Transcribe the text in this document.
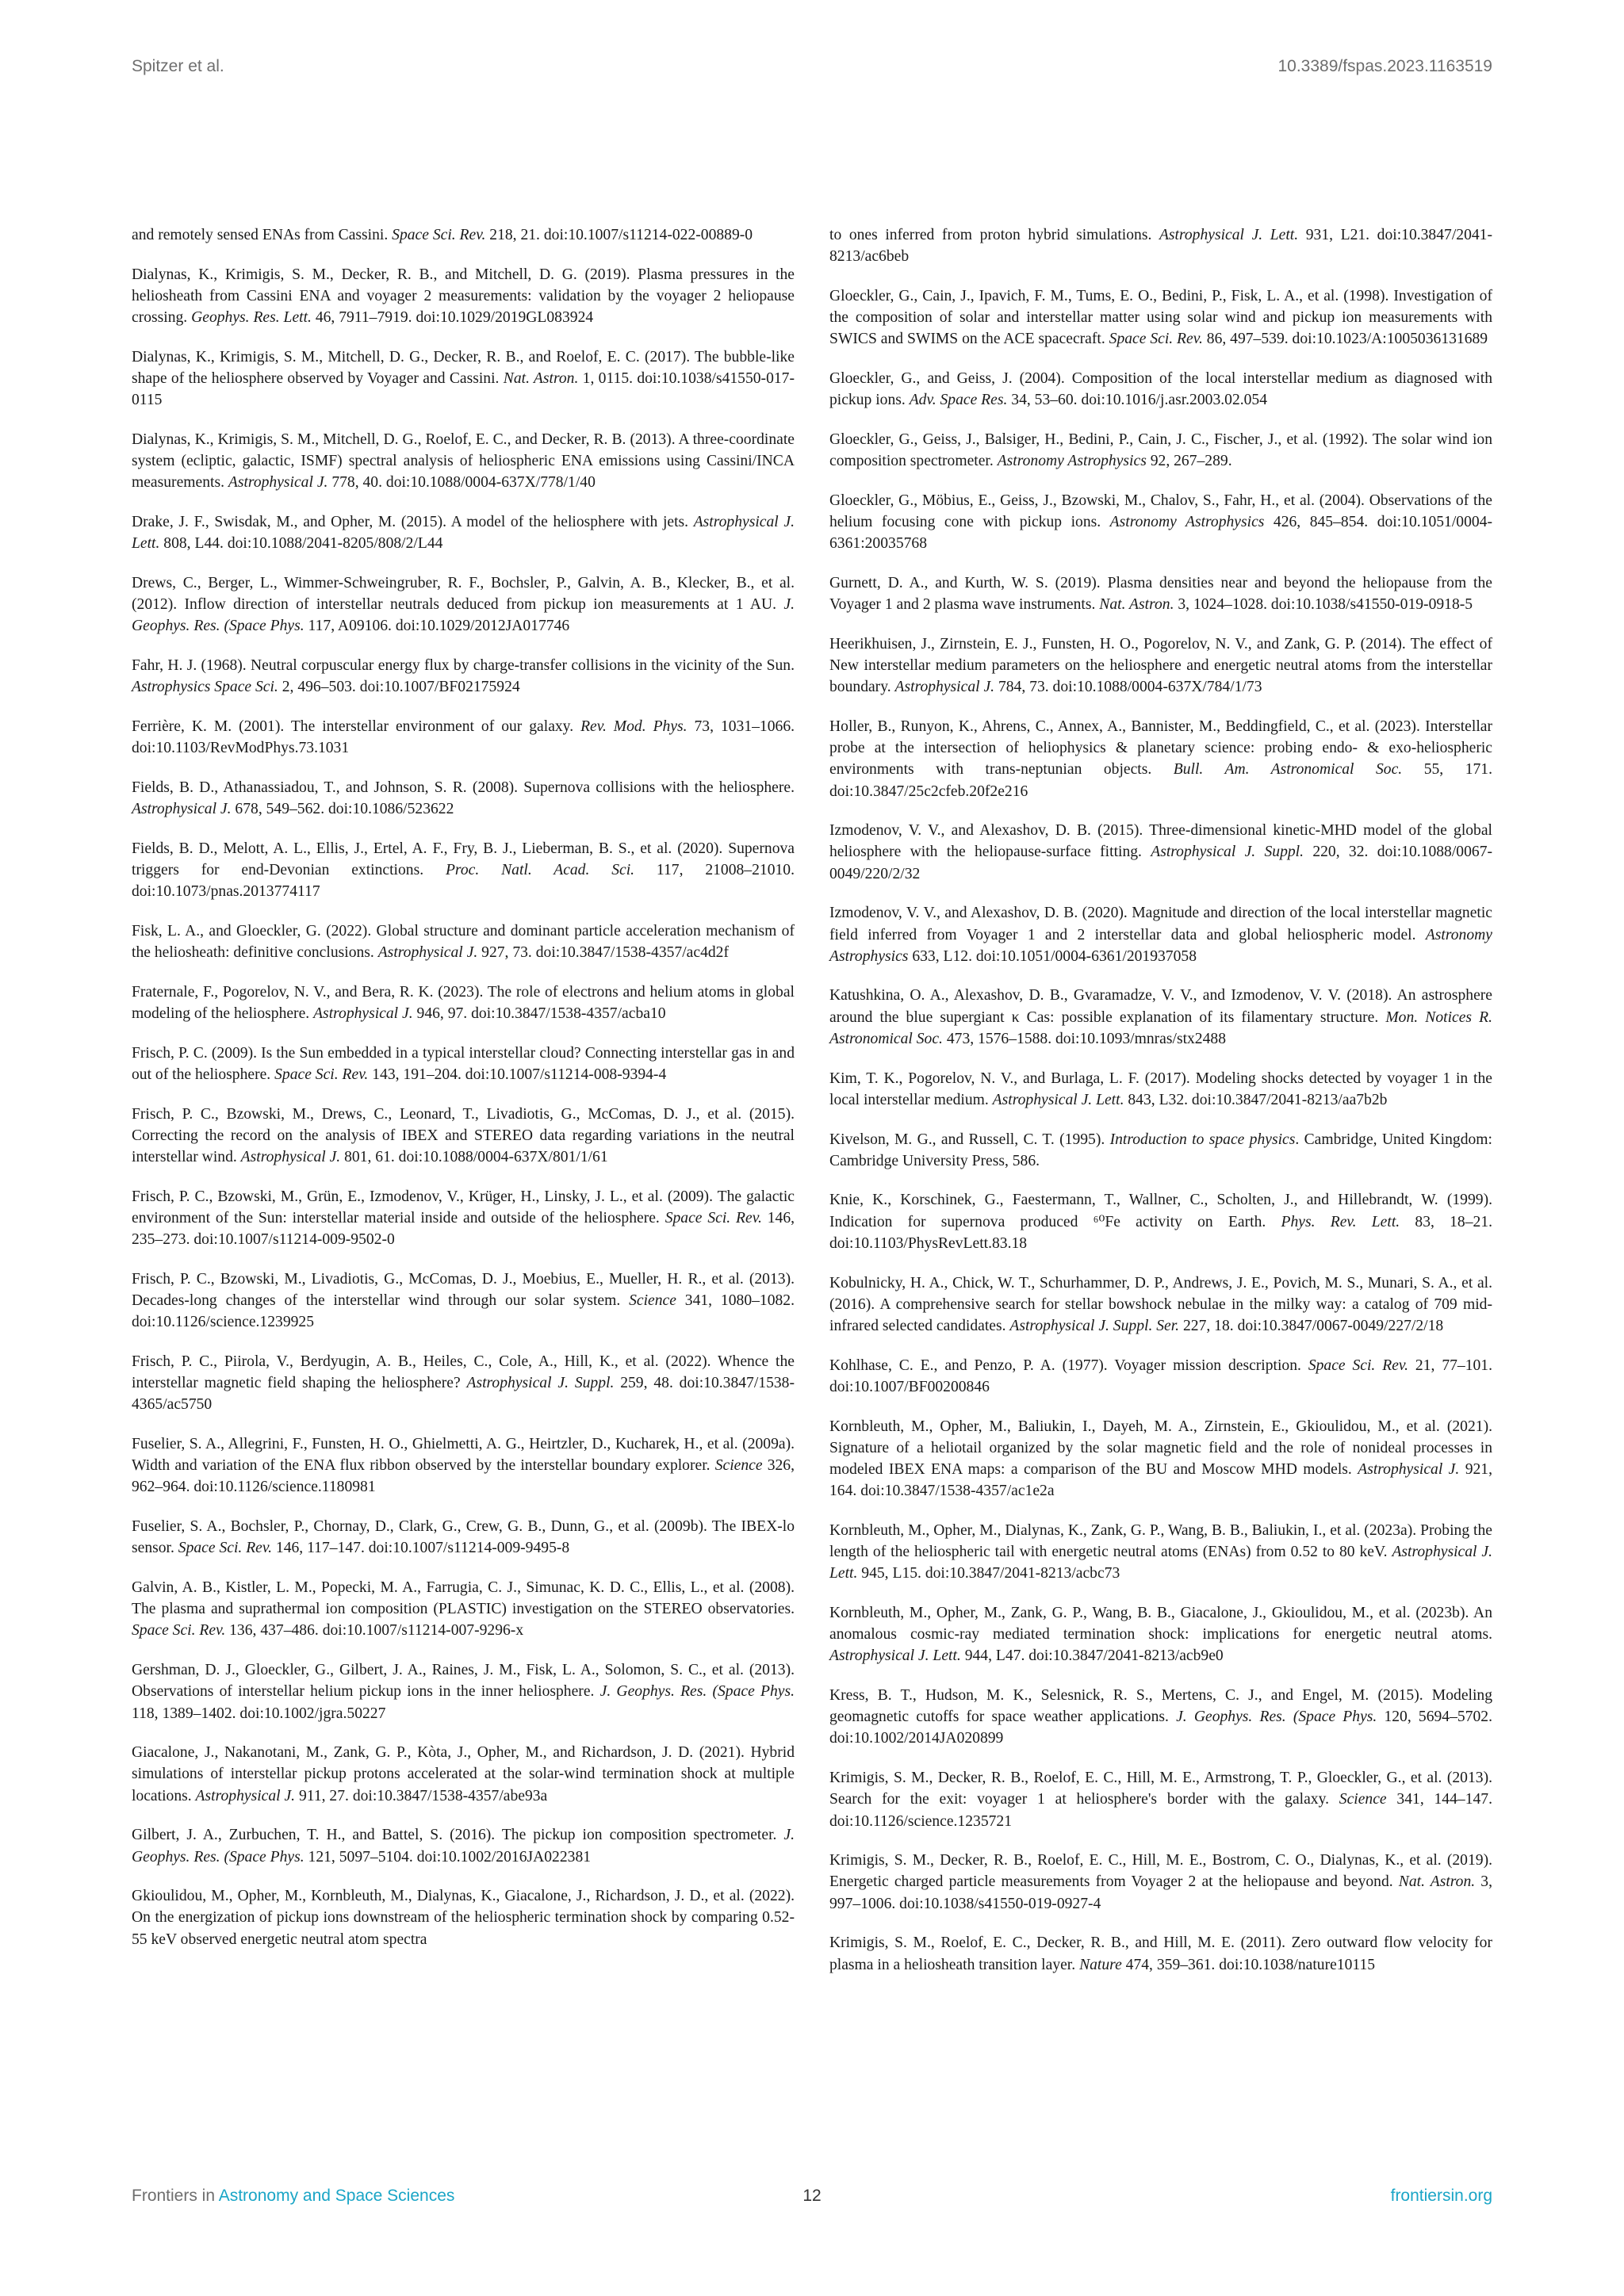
Spitzer et al.	10.3389/fspas.2023.1163519

and remotely sensed ENAs from Cassini. Space Sci. Rev. 218, 21. doi:10.1007/s11214-022-00889-0

Dialynas, K., Krimigis, S. M., Decker, R. B., and Mitchell, D. G. (2019). Plasma pressures in the heliosheath from Cassini ENA and voyager 2 measurements: validation by the voyager 2 heliopause crossing. Geophys. Res. Lett. 46, 7911–7919. doi:10.1029/2019GL083924

Dialynas, K., Krimigis, S. M., Mitchell, D. G., Decker, R. B., and Roelof, E. C. (2017). The bubble-like shape of the heliosphere observed by Voyager and Cassini. Nat. Astron. 1, 0115. doi:10.1038/s41550-017-0115

Dialynas, K., Krimigis, S. M., Mitchell, D. G., Roelof, E. C., and Decker, R. B. (2013). A three-coordinate system (ecliptic, galactic, ISMF) spectral analysis of heliospheric ENA emissions using Cassini/INCA measurements. Astrophysical J. 778, 40. doi:10.1088/0004-637X/778/1/40

Drake, J. F., Swisdak, M., and Opher, M. (2015). A model of the heliosphere with jets. Astrophysical J. Lett. 808, L44. doi:10.1088/2041-8205/808/2/L44

Drews, C., Berger, L., Wimmer-Schweingruber, R. F., Bochsler, P., Galvin, A. B., Klecker, B., et al. (2012). Inflow direction of interstellar neutrals deduced from pickup ion measurements at 1 AU. J. Geophys. Res. (Space Phys. 117, A09106. doi:10.1029/2012JA017746

Fahr, H. J. (1968). Neutral corpuscular energy flux by charge-transfer collisions in the vicinity of the Sun. Astrophysics Space Sci. 2, 496–503. doi:10.1007/BF02175924

Ferrière, K. M. (2001). The interstellar environment of our galaxy. Rev. Mod. Phys. 73, 1031–1066. doi:10.1103/RevModPhys.73.1031

Fields, B. D., Athanassiadou, T., and Johnson, S. R. (2008). Supernova collisions with the heliosphere. Astrophysical J. 678, 549–562. doi:10.1086/523622

Fields, B. D., Melott, A. L., Ellis, J., Ertel, A. F., Fry, B. J., Lieberman, B. S., et al. (2020). Supernova triggers for end-Devonian extinctions. Proc. Natl. Acad. Sci. 117, 21008–21010. doi:10.1073/pnas.2013774117

Fisk, L. A., and Gloeckler, G. (2022). Global structure and dominant particle acceleration mechanism of the heliosheath: definitive conclusions. Astrophysical J. 927, 73. doi:10.3847/1538-4357/ac4d2f

Fraternale, F., Pogorelov, N. V., and Bera, R. K. (2023). The role of electrons and helium atoms in global modeling of the heliosphere. Astrophysical J. 946, 97. doi:10.3847/1538-4357/acba10

Frisch, P. C. (2009). Is the Sun embedded in a typical interstellar cloud? Connecting interstellar gas in and out of the heliosphere. Space Sci. Rev. 143, 191–204. doi:10.1007/s11214-008-9394-4

Frisch, P. C., Bzowski, M., Drews, C., Leonard, T., Livadiotis, G., McComas, D. J., et al. (2015). Correcting the record on the analysis of IBEX and STEREO data regarding variations in the neutral interstellar wind. Astrophysical J. 801, 61. doi:10.1088/0004-637X/801/1/61

Frisch, P. C., Bzowski, M., Grün, E., Izmodenov, V., Krüger, H., Linsky, J. L., et al. (2009). The galactic environment of the Sun: interstellar material inside and outside of the heliosphere. Space Sci. Rev. 146, 235–273. doi:10.1007/s11214-009-9502-0

Frisch, P. C., Bzowski, M., Livadiotis, G., McComas, D. J., Moebius, E., Mueller, H. R., et al. (2013). Decades-long changes of the interstellar wind through our solar system. Science 341, 1080–1082. doi:10.1126/science.1239925

Frisch, P. C., Piirola, V., Berdyugin, A. B., Heiles, C., Cole, A., Hill, K., et al. (2022). Whence the interstellar magnetic field shaping the heliosphere? Astrophysical J. Suppl. 259, 48. doi:10.3847/1538-4365/ac5750

Fuselier, S. A., Allegrini, F., Funsten, H. O., Ghielmetti, A. G., Heirtzler, D., Kucharek, H., et al. (2009a). Width and variation of the ENA flux ribbon observed by the interstellar boundary explorer. Science 326, 962–964. doi:10.1126/science.1180981

Fuselier, S. A., Bochsler, P., Chornay, D., Clark, G., Crew, G. B., Dunn, G., et al. (2009b). The IBEX-lo sensor. Space Sci. Rev. 146, 117–147. doi:10.1007/s11214-009-9495-8

Galvin, A. B., Kistler, L. M., Popecki, M. A., Farrugia, C. J., Simunac, K. D. C., Ellis, L., et al. (2008). The plasma and suprathermal ion composition (PLASTIC) investigation on the STEREO observatories. Space Sci. Rev. 136, 437–486. doi:10.1007/s11214-007-9296-x

Gershman, D. J., Gloeckler, G., Gilbert, J. A., Raines, J. M., Fisk, L. A., Solomon, S. C., et al. (2013). Observations of interstellar helium pickup ions in the inner heliosphere. J. Geophys. Res. (Space Phys. 118, 1389–1402. doi:10.1002/jgra.50227

Giacalone, J., Nakanotani, M., Zank, G. P., Kòta, J., Opher, M., and Richardson, J. D. (2021). Hybrid simulations of interstellar pickup protons accelerated at the solar-wind termination shock at multiple locations. Astrophysical J. 911, 27. doi:10.3847/1538-4357/abe93a

Gilbert, J. A., Zurbuchen, T. H., and Battel, S. (2016). The pickup ion composition spectrometer. J. Geophys. Res. (Space Phys. 121, 5097–5104. doi:10.1002/2016JA022381

Gkioulidou, M., Opher, M., Kornbleuth, M., Dialynas, K., Giacalone, J., Richardson, J. D., et al. (2022). On the energization of pickup ions downstream of the heliospheric termination shock by comparing 0.52-55 keV observed energetic neutral atom spectra

to ones inferred from proton hybrid simulations. Astrophysical J. Lett. 931, L21. doi:10.3847/2041-8213/ac6beb

Gloeckler, G., Cain, J., Ipavich, F. M., Tums, E. O., Bedini, P., Fisk, L. A., et al. (1998). Investigation of the composition of solar and interstellar matter using solar wind and pickup ion measurements with SWICS and SWIMS on the ACE spacecraft. Space Sci. Rev. 86, 497–539. doi:10.1023/A:1005036131689

Gloeckler, G., and Geiss, J. (2004). Composition of the local interstellar medium as diagnosed with pickup ions. Adv. Space Res. 34, 53–60. doi:10.1016/j.asr.2003.02.054

Gloeckler, G., Geiss, J., Balsiger, H., Bedini, P., Cain, J. C., Fischer, J., et al. (1992). The solar wind ion composition spectrometer. Astronomy Astrophysics 92, 267–289.

Gloeckler, G., Möbius, E., Geiss, J., Bzowski, M., Chalov, S., Fahr, H., et al. (2004). Observations of the helium focusing cone with pickup ions. Astronomy Astrophysics 426, 845–854. doi:10.1051/0004-6361:20035768

Gurnett, D. A., and Kurth, W. S. (2019). Plasma densities near and beyond the heliopause from the Voyager 1 and 2 plasma wave instruments. Nat. Astron. 3, 1024–1028. doi:10.1038/s41550-019-0918-5

Heerikhuisen, J., Zirnstein, E. J., Funsten, H. O., Pogorelov, N. V., and Zank, G. P. (2014). The effect of New interstellar medium parameters on the heliosphere and energetic neutral atoms from the interstellar boundary. Astrophysical J. 784, 73. doi:10.1088/0004-637X/784/1/73

Holler, B., Runyon, K., Ahrens, C., Annex, A., Bannister, M., Beddingfield, C., et al. (2023). Interstellar probe at the intersection of heliophysics & planetary science: probing endo- & exo-heliospheric environments with trans-neptunian objects. Bull. Am. Astronomical Soc. 55, 171. doi:10.3847/25c2cfeb.20f2e216

Izmodenov, V. V., and Alexashov, D. B. (2015). Three-dimensional kinetic-MHD model of the global heliosphere with the heliopause-surface fitting. Astrophysical J. Suppl. 220, 32. doi:10.1088/0067-0049/220/2/32

Izmodenov, V. V., and Alexashov, D. B. (2020). Magnitude and direction of the local interstellar magnetic field inferred from Voyager 1 and 2 interstellar data and global heliospheric model. Astronomy Astrophysics 633, L12. doi:10.1051/0004-6361/201937058

Katushkina, O. A., Alexashov, D. B., Gvaramadze, V. V., and Izmodenov, V. V. (2018). An astrosphere around the blue supergiant κ Cas: possible explanation of its filamentary structure. Mon. Notices R. Astronomical Soc. 473, 1576–1588. doi:10.1093/mnras/stx2488

Kim, T. K., Pogorelov, N. V., and Burlaga, L. F. (2017). Modeling shocks detected by voyager 1 in the local interstellar medium. Astrophysical J. Lett. 843, L32. doi:10.3847/2041-8213/aa7b2b

Kivelson, M. G., and Russell, C. T. (1995). Introduction to space physics. Cambridge, United Kingdom: Cambridge University Press, 586.

Knie, K., Korschinek, G., Faestermann, T., Wallner, C., Scholten, J., and Hillebrandt, W. (1999). Indication for supernova produced ⁶⁰Fe activity on Earth. Phys. Rev. Lett. 83, 18–21. doi:10.1103/PhysRevLett.83.18

Kobulnicky, H. A., Chick, W. T., Schurhammer, D. P., Andrews, J. E., Povich, M. S., Munari, S. A., et al. (2016). A comprehensive search for stellar bowshock nebulae in the milky way: a catalog of 709 mid-infrared selected candidates. Astrophysical J. Suppl. Ser. 227, 18. doi:10.3847/0067-0049/227/2/18

Kohlhase, C. E., and Penzo, P. A. (1977). Voyager mission description. Space Sci. Rev. 21, 77–101. doi:10.1007/BF00200846

Kornbleuth, M., Opher, M., Baliukin, I., Dayeh, M. A., Zirnstein, E., Gkioulidou, M., et al. (2021). Signature of a heliotail organized by the solar magnetic field and the role of nonideal processes in modeled IBEX ENA maps: a comparison of the BU and Moscow MHD models. Astrophysical J. 921, 164. doi:10.3847/1538-4357/ac1e2a

Kornbleuth, M., Opher, M., Dialynas, K., Zank, G. P., Wang, B. B., Baliukin, I., et al. (2023a). Probing the length of the heliospheric tail with energetic neutral atoms (ENAs) from 0.52 to 80 keV. Astrophysical J. Lett. 945, L15. doi:10.3847/2041-8213/acbc73

Kornbleuth, M., Opher, M., Zank, G. P., Wang, B. B., Giacalone, J., Gkioulidou, M., et al. (2023b). An anomalous cosmic-ray mediated termination shock: implications for energetic neutral atoms. Astrophysical J. Lett. 944, L47. doi:10.3847/2041-8213/acb9e0

Kress, B. T., Hudson, M. K., Selesnick, R. S., Mertens, C. J., and Engel, M. (2015). Modeling geomagnetic cutoffs for space weather applications. J. Geophys. Res. (Space Phys. 120, 5694–5702. doi:10.1002/2014JA020899

Krimigis, S. M., Decker, R. B., Roelof, E. C., Hill, M. E., Armstrong, T. P., Gloeckler, G., et al. (2013). Search for the exit: voyager 1 at heliosphere's border with the galaxy. Science 341, 144–147. doi:10.1126/science.1235721

Krimigis, S. M., Decker, R. B., Roelof, E. C., Hill, M. E., Bostrom, C. O., Dialynas, K., et al. (2019). Energetic charged particle measurements from Voyager 2 at the heliopause and beyond. Nat. Astron. 3, 997–1006. doi:10.1038/s41550-019-0927-4

Krimigis, S. M., Roelof, E. C., Decker, R. B., and Hill, M. E. (2011). Zero outward flow velocity for plasma in a heliosheath transition layer. Nature 474, 359–361. doi:10.1038/nature10115

Frontiers in Astronomy and Space Sciences	12	frontiersin.org
